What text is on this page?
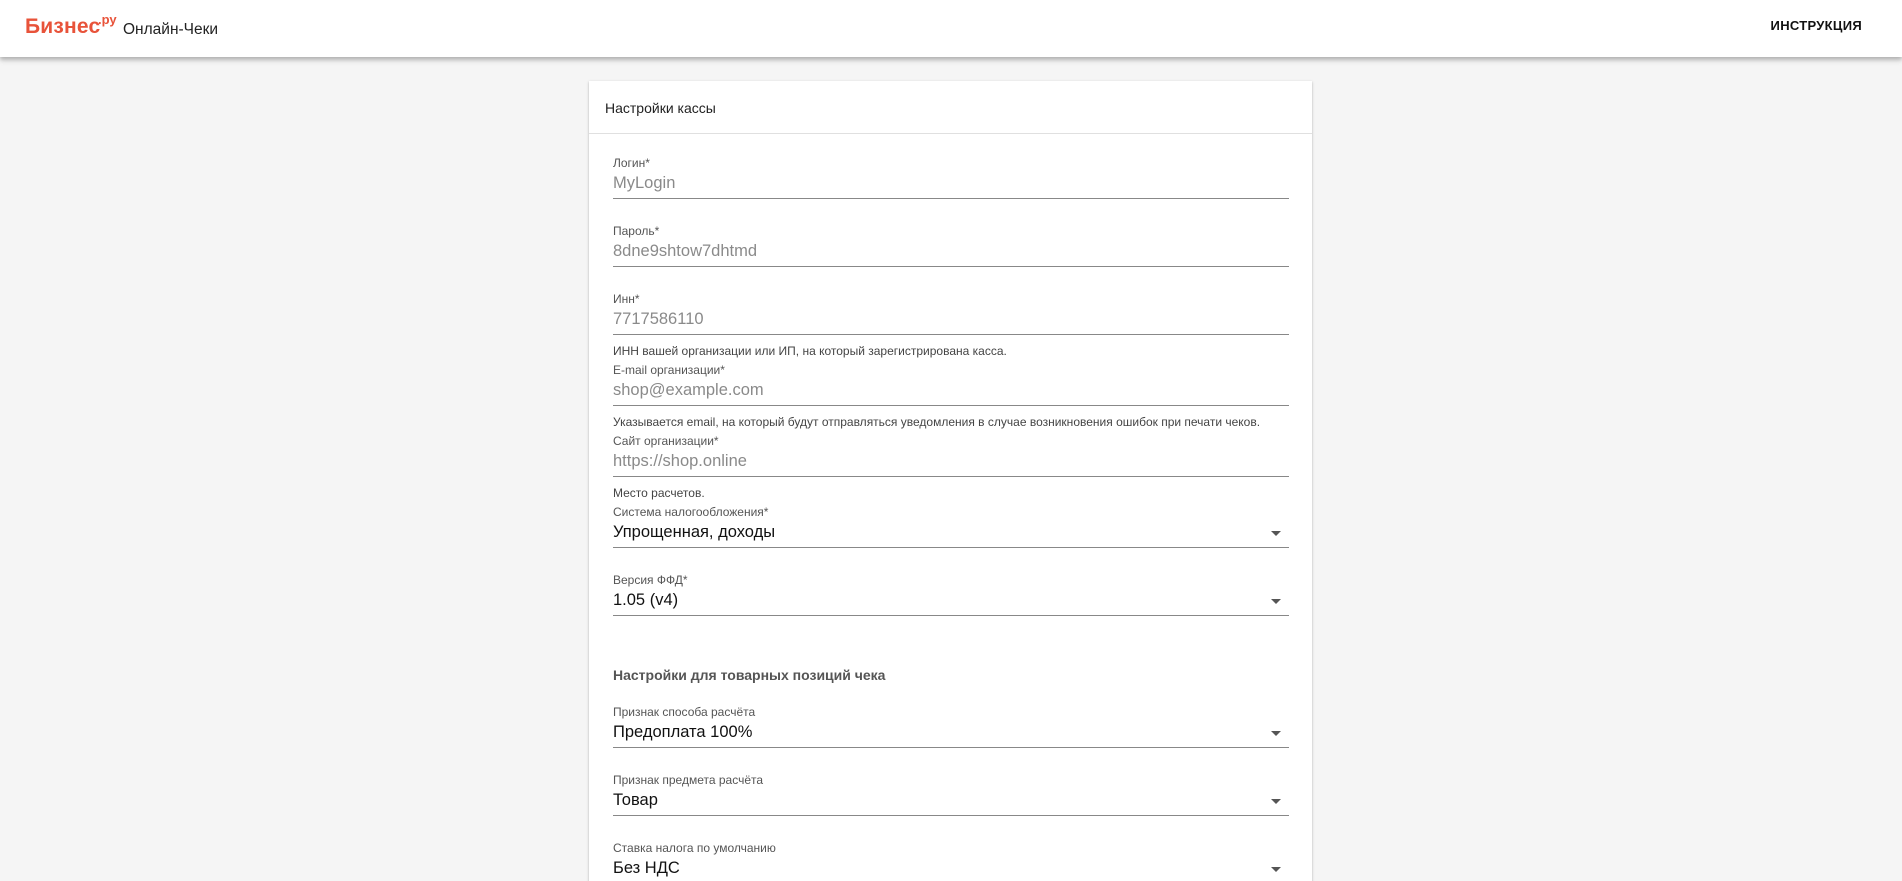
Бизнес
.ру
Онлайн-Чеки	ИНСТРУКЦИЯ
Настройки кассы
Логин*
MyLogin
Пароль*
8dne9shtow7dhtmd
Инн*
7717586110
ИНН вашей организации или ИП, на который зарегистрирована касса.
E-mail организации*
shop@example.com
Указывается email, на который будут отправляться уведомления в случае возникновения ошибок при печати чеков.
Сайт организации*
https://shop.online
Место расчетов.
Система налогообложения*
Упрощенная, доходы
Версия ФФД*
1.05 (v4)
Настройки для товарных позиций чека
Признак способа расчёта
Предоплата 100%
Признак предмета расчёта
Товар
Ставка налога по умолчанию
Без НДС
